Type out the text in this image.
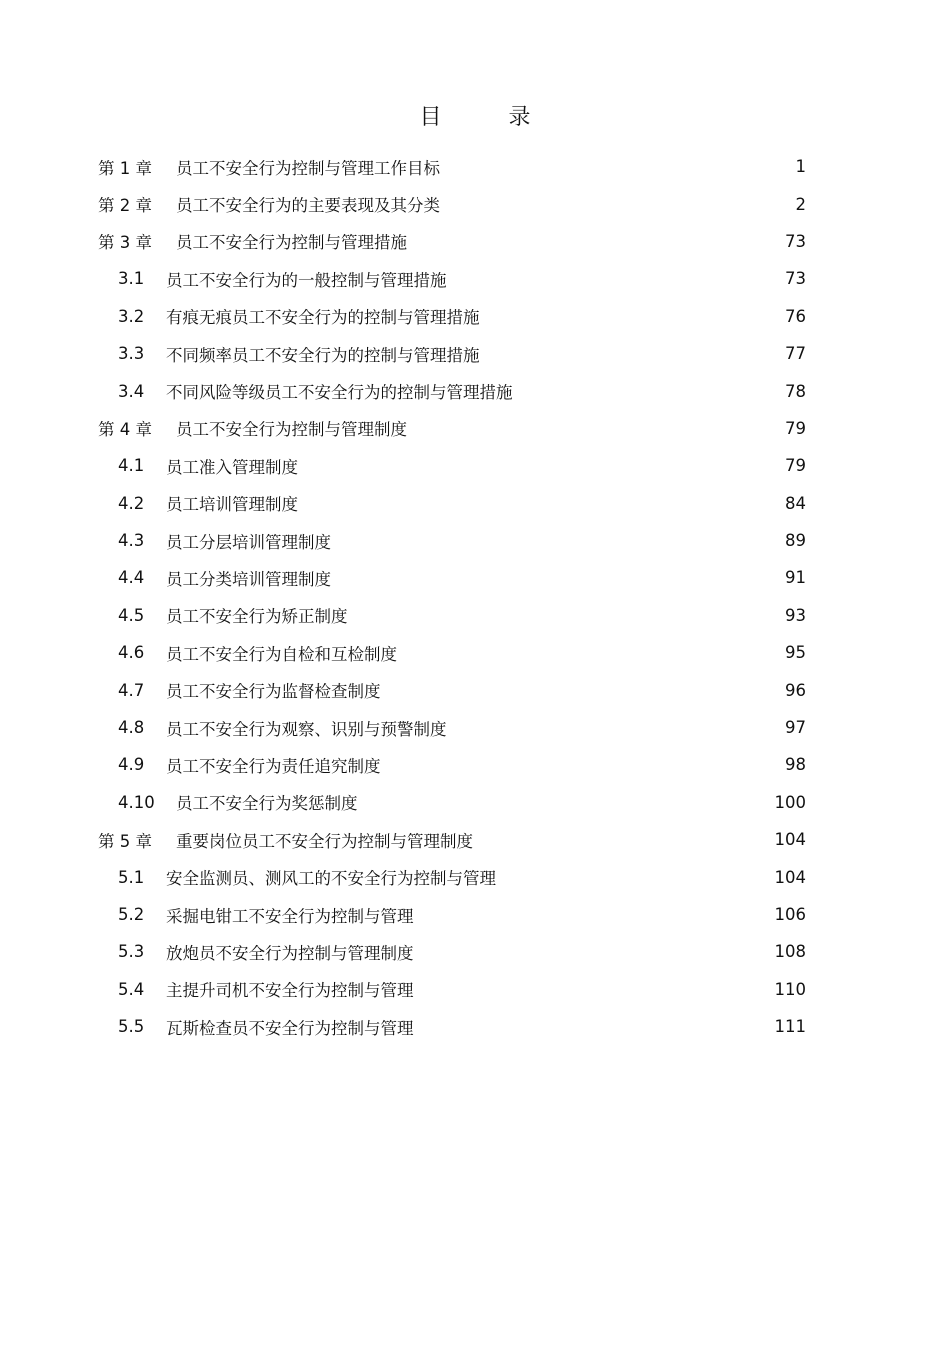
目 录
第 1 章	员工不安全行为控制与管理工作目标	1
第 2 章	员工不安全行为的主要表现及其分类	2
第 3 章	员工不安全行为控制与管理措施	73
3.1	员工不安全行为的一般控制与管理措施	73
3.2	有痕无痕员工不安全行为的控制与管理措施	76
3.3	不同频率员工不安全行为的控制与管理措施	77
3.4	不同风险等级员工不安全行为的控制与管理措施	78
第 4 章	员工不安全行为控制与管理制度	79
4.1	员工准入管理制度	79
4.2	员工培训管理制度	84
4.3	员工分层培训管理制度	89
4.4	员工分类培训管理制度	91
4.5	员工不安全行为矫正制度	93
4.6	员工不安全行为自检和互检制度	95
4.7	员工不安全行为监督检查制度	96
4.8	员工不安全行为观察、识别与预警制度	97
4.9	员工不安全行为责任追究制度	98
4.10	员工不安全行为奖惩制度	100
第 5 章	重要岗位员工不安全行为控制与管理制度	104
5.1	安全监测员、测风工的不安全行为控制与管理	104
5.2	采掘电钳工不安全行为控制与管理	106
5.3	放炮员不安全行为控制与管理制度	108
5.4	主提升司机不安全行为控制与管理	110
5.5	瓦斯检查员不安全行为控制与管理	111
